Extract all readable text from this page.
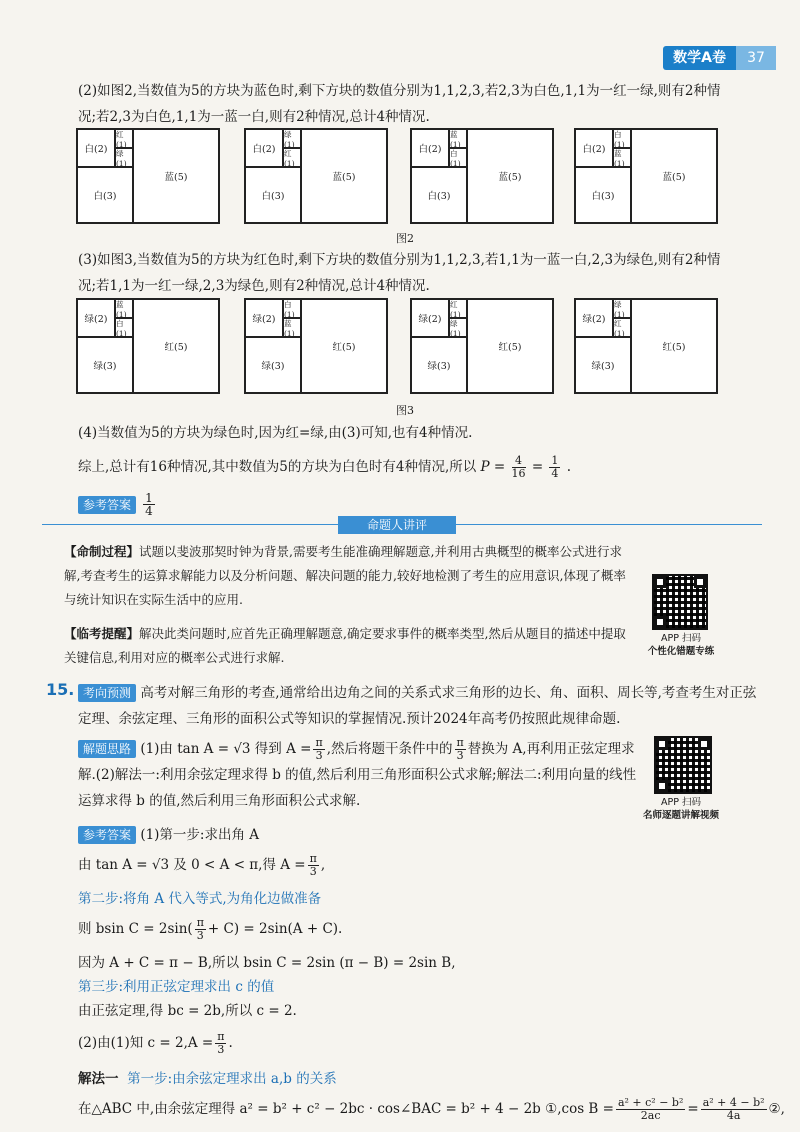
数学A卷	37
(2)如图2,当数值为5的方块为蓝色时,剩下方块的数值分别为1,1,2,3,若2,3为白色,1,1为一红一绿,则有2种情况;若2,3为白色,1,1为一蓝一白,则有2种情况,总计4种情况.
白(2)
红(1)
绿(1)
白(3)
蓝(5)
白(2)
绿(1)
红(1)
白(3)
蓝(5)
白(2)
蓝(1)
白(1)
白(3)
蓝(5)
白(2)
白(1)
蓝(1)
白(3)
蓝(5)
图2
(3)如图3,当数值为5的方块为红色时,剩下方块的数值分别为1,1,2,3,若1,1为一蓝一白,2,3为绿色,则有2种情况;若1,1为一红一绿,2,3为绿色,则有2种情况,总计4种情况.
绿(2)
蓝(1)
白(1)
绿(3)
红(5)
绿(2)
白(1)
蓝(1)
绿(3)
红(5)
绿(2)
红(1)
绿(1)
绿(3)
红(5)
绿(2)
绿(1)
红(1)
绿(3)
红(5)
图3
(4)当数值为5的方块为绿色时,因为红=绿,由(3)可知,也有4种情况.
综上,总计有16种情况,其中数值为5的方块为白色时有4种情况,所以 $P = \frac{4}{16} = \frac{1}{4}$ .
参考答案 $\frac{1}{4}$
命题人讲评
【命制过程】试题以斐波那契时钟为背景,需要考生能准确理解题意,并利用古典概型的概率公式进行求解,考查考生的运算求解能力以及分析问题、解决问题的能力,较好地检测了考生的应用意识,体现了概率与统计知识在实际生活中的应用.
【临考提醒】解决此类问题时,应首先正确理解题意,确定要求事件的概率类型,然后从题目的描述中提取关键信息,利用对应的概率公式进行求解.
APP 扫码
个性化错题专练
15. 考向预测 高考对解三角形的考查,通常给出边角之间的关系式求三角形的边长、角、面积、周长等,考查考生对正弦定理、余弦定理、三角形的面积公式等知识的掌握情况.预计2024年高考仍按照此规律命题.
解题思路 (1)由 tan A = √3 得到 $A = \frac{\pi}{3}$ ,然后将题干条件中的 $\frac{\pi}{3}$ 替换为 A,再利用正弦定理求 解.(2)解法一:利用余弦定理求得 b 的值,然后利用三角形面积公式求解;解法二:利用向量的线性运算求得 b 的值,然后利用三角形面积公式求解.	APP 扫码
名师逐题讲解视频
参考答案 (1)第一步:求出角 A
由 tan A = √3 及 0 < A < π,得 $A = \frac{\pi}{3}$ ,
第二步:将角 A 代入等式,为角化边做准备
则 bsin $C = 2\sin( \frac{\pi}{3} + C) = 2\sin(A + C)$.
因为 A + C = π − B,所以 bsin C = 2sin (π − B) = 2sin B,
第三步:利用正弦定理求出 c 的值
由正弦定理,得 bc = 2b,所以 c = 2.
(2)由(1)知 $c = 2,A = \frac{\pi}{3}$ .
解法一 第一步:由余弦定理求出 a,b 的关系
在△ABC 中,由余弦定理得 a² = b² + c² − 2bc · cos∠BAC = b² + 4 − 2b ①,cos $B = \frac{\text{a² + c² − b²}}{2ac} = \frac{\text{a² + 4 − b²}}{4a}$ ②,
